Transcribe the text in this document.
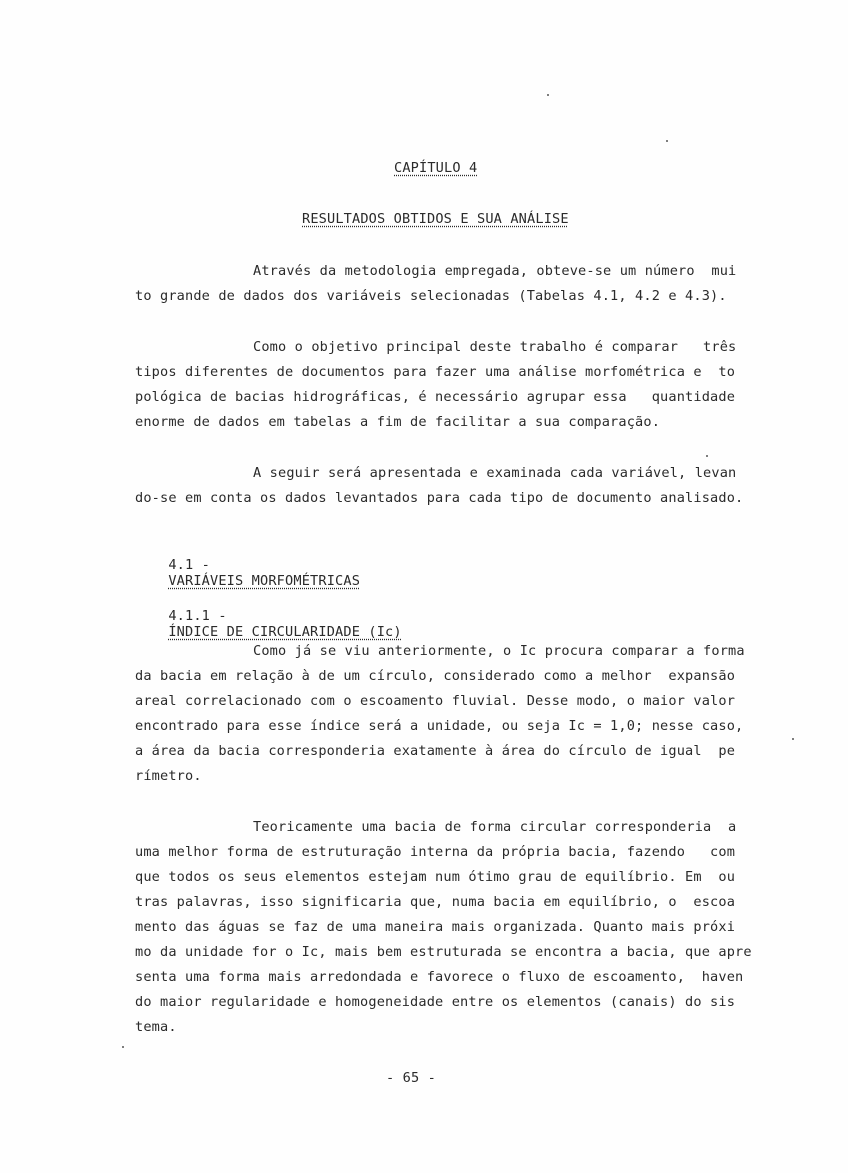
CAPÍTULO 4
RESULTADOS OBTIDOS E SUA ANÁLISE
Através da metodologia empregada, obteve-se um número  mui
to grande de dados dos variáveis selecionadas (Tabelas 4.1, 4.2 e 4.3).
Como o objetivo principal deste trabalho é comparar   três
tipos diferentes de documentos para fazer uma análise morfométrica e  to
pológica de bacias hidrográficas, é necessário agrupar essa   quantidade
enorme de dados em tabelas a fim de facilitar a sua comparação.
A seguir será apresentada e examinada cada variável, levan
do-se em conta os dados levantados para cada tipo de documento analisado.

4.1 -
VARIÁVEIS MORFOMÉTRICAS

4.1.1 -
ÍNDICE DE CIRCULARIDADE (Ic)

Como já se viu anteriormente, o Ic procura comparar a forma
da bacia em relação à de um círculo, considerado como a melhor  expansão
areal correlacionado com o escoamento fluvial. Desse modo, o maior valor
encontrado para esse índice será a unidade, ou seja Ic = 1,0; nesse caso,
a área da bacia corresponderia exatamente à área do círculo de igual  pe
rímetro.
Teoricamente uma bacia de forma circular corresponderia  a
uma melhor forma de estruturação interna da própria bacia, fazendo   com
que todos os seus elementos estejam num ótimo grau de equilíbrio. Em  ou
tras palavras, isso significaria que, numa bacia em equilíbrio, o  escoa
mento das águas se faz de uma maneira mais organizada. Quanto mais próxi
mo da unidade for o Ic, mais bem estruturada se encontra a bacia, que apre
senta uma forma mais arredondada e favorece o fluxo de escoamento,  haven
do maior regularidade e homogeneidade entre os elementos (canais) do sis
tema.
- 65 -
